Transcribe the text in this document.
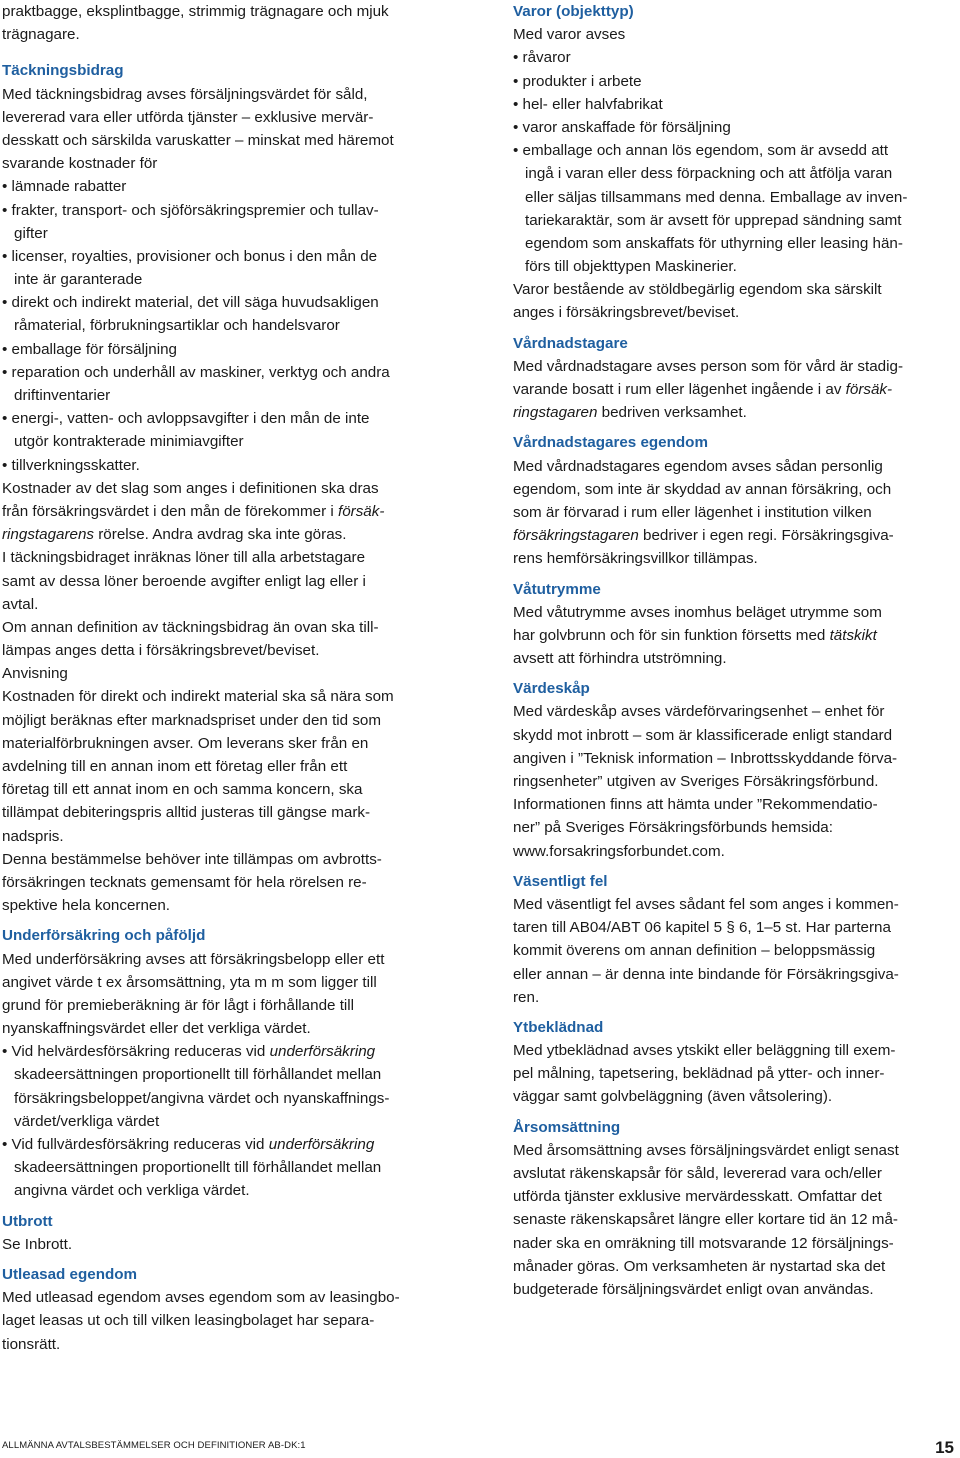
praktbagge, eksplintbagge, strimmig trägnagare och mjuk
trägnagare.
Täckningsbidrag
Med täckningsbidrag avses försäljningsvärdet för såld,
levererad vara eller utförda tjänster – exklusive mervär-
desskatt och särskilda varuskatter – minskat med häremot
svarande kostnader för
• lämnade rabatter
• frakter, transport- och sjöförsäkringspremier och tullav-
gifter
• licenser, royalties, provisioner och bonus i den mån de
inte är garanterade
• direkt och indirekt material, det vill säga huvudsakligen
råmaterial, förbrukningsartiklar och handelsvaror
• emballage för försäljning
• reparation och underhåll av maskiner, verktyg och andra
driftinventarier
• energi-, vatten- och avloppsavgifter i den mån de inte
utgör kontrakterade minimiavgifter
• tillverkningsskatter.
Kostnader av det slag som anges i definitionen ska dras
från försäkringsvärdet i den mån de förekommer i försäk-
ringstagarens rörelse. Andra avdrag ska inte göras.
I täckningsbidraget inräknas löner till alla arbetstagare
samt av dessa löner beroende avgifter enligt lag eller i
avtal.
Om annan definition av täckningsbidrag än ovan ska till-
lämpas anges detta i försäkringsbrevet/beviset.
Anvisning
Kostnaden för direkt och indirekt material ska så nära som
möjligt beräknas efter marknadspriset under den tid som
materialförbrukningen avser. Om leverans sker från en
avdelning till en annan inom ett företag eller från ett
företag till ett annat inom en och samma koncern, ska
tillämpat debiteringspris alltid justeras till gängse mark-
nadspris.
Denna bestämmelse behöver inte tillämpas om avbrotts-
försäkringen tecknats gemensamt för hela rörelsen re-
spektive hela koncernen.
Underförsäkring och påföljd
Med underförsäkring avses att försäkringsbelopp eller ett
angivet värde t ex årsomsättning, yta m m som ligger till
grund för premieberäkning är för lågt i förhållande till
nyanskaffningsvärdet eller det verkliga värdet.
• Vid helvärdesförsäkring reduceras vid underförsäkring
skadeersättningen proportionellt till förhållandet mellan
försäkringsbeloppet/angivna värdet och nyanskaffnings-
värdet/verkliga värdet
• Vid fullvärdesförsäkring reduceras vid underförsäkring
skadeersättningen proportionellt till förhållandet mellan
angivna värdet och verkliga värdet.
Utbrott
Se Inbrott.
Utleasad egendom
Med utleasad egendom avses egendom som av leasingbo-
laget leasas ut och till vilken leasingbolaget har separa-
tionsrätt.
Varor (objekttyp)
Med varor avses
• råvaror
• produkter i arbete
• hel- eller halvfabrikat
• varor anskaffade för försäljning
• emballage och annan lös egendom, som är avsedd att
ingå i varan eller dess förpackning och att åtfölja varan
eller säljas tillsammans med denna. Emballage av inven-
tariekaraktär, som är avsett för upprepad sändning samt
egendom som anskaffats för uthyrning eller leasing hän-
förs till objekttypen Maskinerier.
Varor bestående av stöldbegärlig egendom ska särskilt
anges i försäkringsbrevet/beviset.
Vårdnadstagare
Med vårdnadstagare avses person som för vård är stadig-
varande bosatt i rum eller lägenhet ingående i av försäk-
ringstagaren bedriven verksamhet.
Vårdnadstagares egendom
Med vårdnadstagares egendom avses sådan personlig
egendom, som inte är skyddad av annan försäkring, och
som är förvarad i rum eller lägenhet i institution vilken
försäkringstagaren bedriver i egen regi. Försäkringsgiva-
rens hemförsäkringsvillkor tillämpas.
Våtutrymme
Med våtutrymme avses inomhus beläget utrymme som
har golvbrunn och för sin funktion försetts med tätskikt
avsett att förhindra utströmning.
Värdeskåp
Med värdeskåp avses värdeförvaringsenhet – enhet för
skydd mot inbrott – som är klassificerade enligt standard
angiven i ”Teknisk information – Inbrottsskyddande förva-
ringsenheter” utgiven av Sveriges Försäkringsförbund.
Informationen finns att hämta under ”Rekommendatio-
ner” på Sveriges Försäkringsförbunds hemsida:
www.forsakringsforbundet.com.
Väsentligt fel
Med väsentligt fel avses sådant fel som anges i kommen-
taren till AB04/ABT 06 kapitel 5 § 6, 1–5 st. Har parterna
kommit överens om annan definition – beloppsmässig
eller annan – är denna inte bindande för Försäkringsgiva-
ren.
Ytbeklädnad
Med ytbeklädnad avses ytskikt eller beläggning till exem-
pel målning, tapetsering, beklädnad på ytter- och inner-
väggar samt golvbeläggning (även våtsolering).
Årsomsättning
Med årsomsättning avses försäljningsvärdet enligt senast
avslutat räkenskapsår för såld, levererad vara och/eller
utförda tjänster exklusive mervärdesskatt. Omfattar det
senaste räkenskapsåret längre eller kortare tid än 12 må-
nader ska en omräkning till motsvarande 12 försäljnings-
månader göras. Om verksamheten är nystartad ska det
budgeterade försäljningsvärdet enligt ovan användas.
ALLMÄNNA AVTALSBESTÄMMELSER OCH DEFINITIONER AB-DK:1	15
